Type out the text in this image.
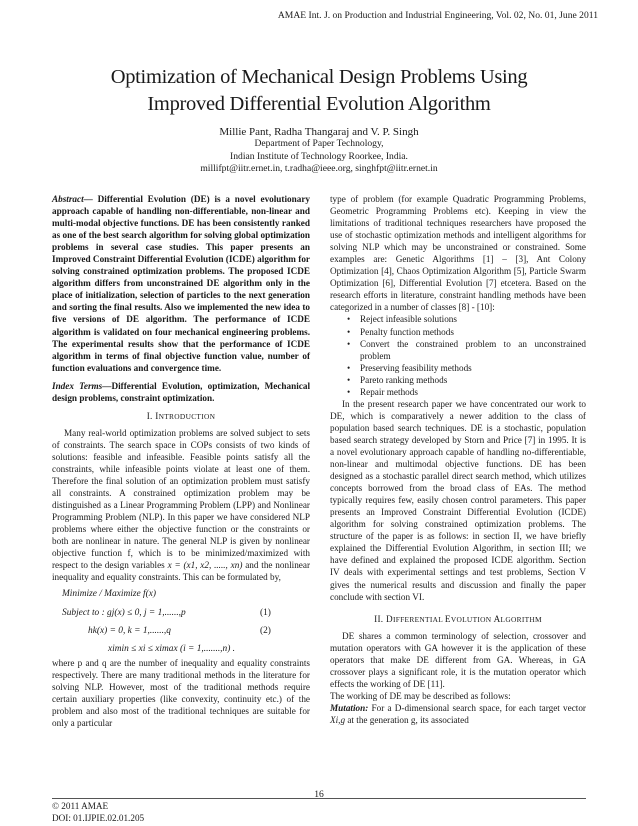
AMAE Int. J. on Production and Industrial Engineering, Vol. 02, No. 01, June 2011
Optimization of Mechanical Design Problems Using
Improved Differential Evolution Algorithm
Millie Pant, Radha Thangaraj and V. P. Singh
Department of Paper Technology,
Indian Institute of Technology Roorkee, India.
millifpt@iitr.ernet.in, t.radha@ieee.org, singhfpt@iitr.ernet.in

Abstract— Differential Evolution (DE) is a novel evolutionary approach capable of handling non-differentiable, non-linear and multi-modal objective functions. DE has been consistently ranked as one of the best search algorithm for solving global optimization problems in several case studies. This paper presents an Improved Constraint Differential Evolution (ICDE) algorithm for solving constrained optimization problems. The proposed ICDE algorithm differs from unconstrained DE algorithm only in the place of initialization, selection of particles to the next generation and sorting the final results. Also we implemented the new idea to five versions of DE algorithm. The performance of ICDE algorithm is validated on four mechanical engineering problems. The experimental results show that the performance of ICDE algorithm in terms of final objective function value, number of function evaluations and convergence time.

Index Terms—Differential Evolution, optimization, Mechanical design problems, constraint optimization.

I. INTRODUCTION

Many real-world optimization problems are solved subject to sets of constraints. The search space in COPs consists of two kinds of solutions: feasible and infeasible. Feasible points satisfy all the constraints, while infeasible points violate at least one of them. Therefore the final solution of an optimization problem must satisfy all constraints. A constrained optimization problem may be distinguished as a Linear Programming Problem (LPP) and Nonlinear Programming Problem (NLP). In this paper we have considered NLP problems where either the objective function or the constraints or both are nonlinear in nature. The general NLP is given by nonlinear objective function f, which is to be minimized/maximized with respect to the design variables x = (x1, x2, ....., xn) and the nonlinear inequality and equality constraints. This can be formulated by,

Minimize / Maximize f(x)
Subject to : gj(x) ≤ 0, j = 1,......,p	(1)
hk(x) = 0, k = 1,......,q	(2)
ximin ≤ xi ≤ ximax (i = 1,.......,n) .

where p and q are the number of inequality and equality constraints respectively. There are many traditional methods in the literature for solving NLP. However, most of the traditional methods require certain auxiliary properties (like convexity, continuity etc.) of the problem and also most of the traditional techniques are suitable for only a particular

type of problem (for example Quadratic Programming Problems, Geometric Programming Problems etc). Keeping in view the limitations of traditional techniques researchers have proposed the use of stochastic optimization methods and intelligent algorithms for solving NLP which may be unconstrained or constrained. Some examples are: Genetic Algorithms [1] – [3], Ant Colony Optimization [4], Chaos Optimization Algorithm [5], Particle Swarm Optimization [6], Differential Evolution [7] etcetera. Based on the research efforts in literature, constraint handling methods have been categorized in a number of classes [8] - [10]:

• Reject infeasible solutions
• Penalty function methods
• Convert the constrained problem to an unconstrained problem
• Preserving feasibility methods
• Pareto ranking methods
• Repair methods

In the present research paper we have concentrated our work to DE, which is comparatively a newer addition to the class of population based search techniques. DE is a stochastic, population based search strategy developed by Storn and Price [7] in 1995. It is a novel evolutionary approach capable of handling no-differentiable, non-linear and multimodal objective functions. DE has been designed as a stochastic parallel direct search method, which utilizes concepts borrowed from the broad class of EAs. The method typically requires few, easily chosen control parameters. This paper presents an Improved Constraint Differential Evolution (ICDE) algorithm for solving constrained optimization problems. The structure of the paper is as follows: in section II, we have briefly explained the Differential Evolution Algorithm, in section III; we have defined and explained the proposed ICDE algorithm. Section IV deals with experimental settings and test problems, Section V gives the numerical results and discussion and finally the paper conclude with section VI.

II. DIFFERENTIAL EVOLUTION ALGORITHM

DE shares a common terminology of selection, crossover and mutation operators with GA however it is the application of these operators that make DE different from GA. Whereas, in GA crossover plays a significant role, it is the mutation operator which effects the working of DE [11].

The working of DE may be described as follows:

Mutation: For a D-dimensional search space, for each target vector Xi,g at the generation g, its associated

16
© 2011 AMAE
DOI: 01.IJPIE.02.01.205
